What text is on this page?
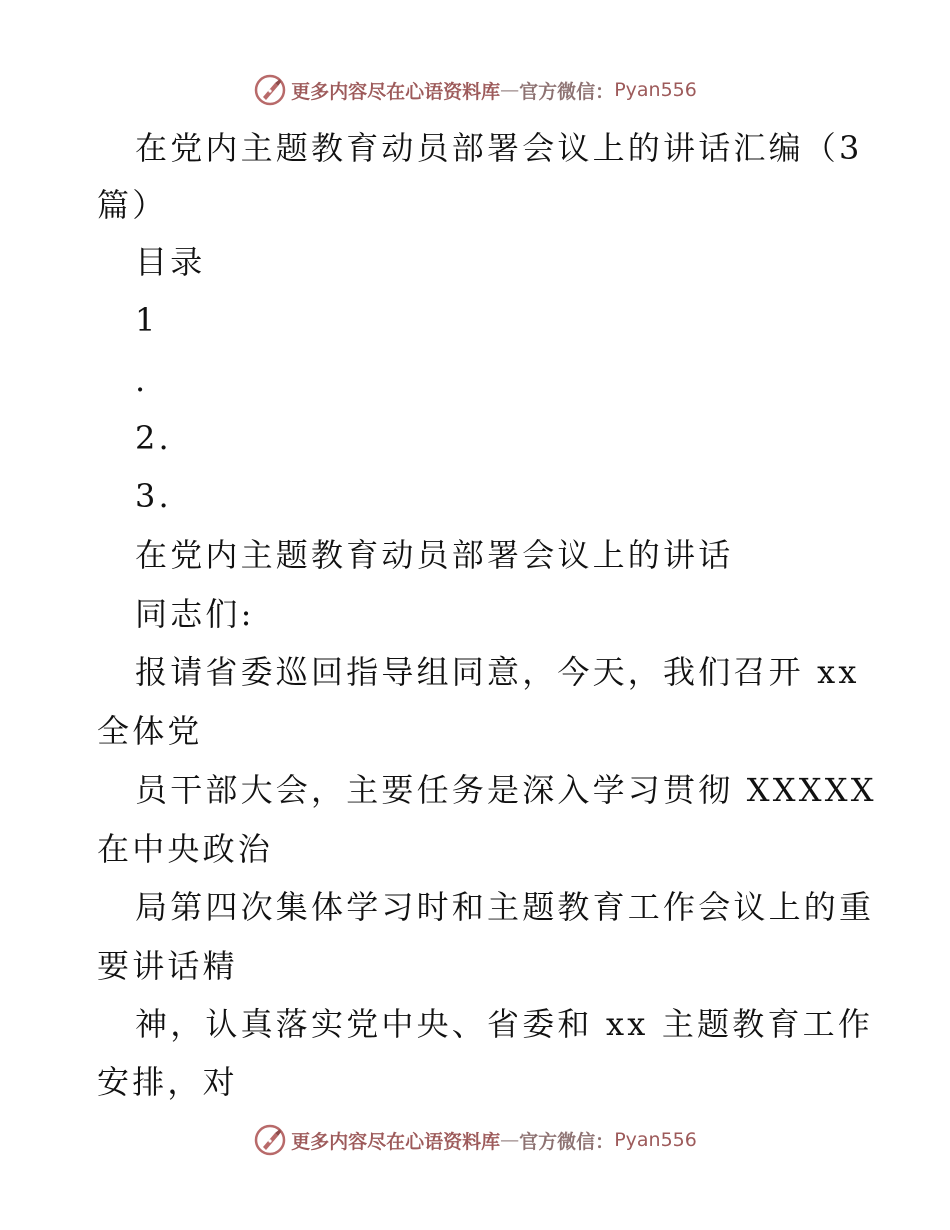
更多内容尽在心语资料库 — 官方微信： Pyan556
在党内主题教育动员部署会议上的讲话汇编（3
篇）
目录
1
.
2.
3.
在党内主题教育动员部署会议上的讲话
同志们:
报请省委巡回指导组同意，今天，我们召开 xx
全体党
员干部大会，主要任务是深入学习贯彻 XXXXX
在中央政治
局第四次集体学习时和主题教育工作会议上的重
要讲话精
神，认真落实党中央、省委和 xx 主题教育工作
安排，对
更多内容尽在心语资料库 — 官方微信： Pyan556
